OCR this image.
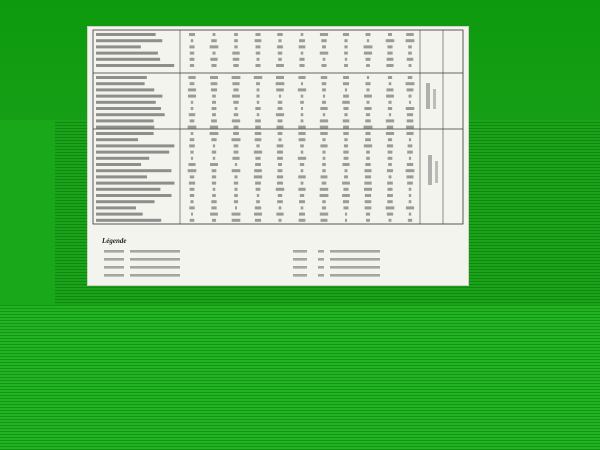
Légende
